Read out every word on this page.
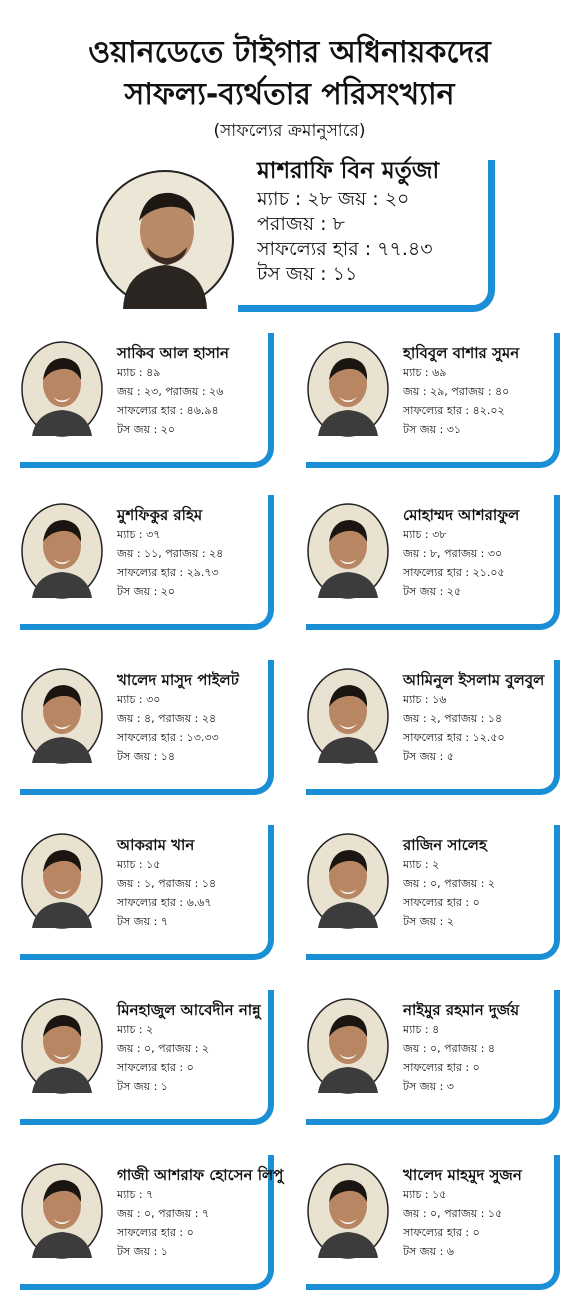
ওয়ানডেতে টাইগার অধিনায়কদের
সাফল্য-ব্যর্থতার পরিসংখ্যান
(সাফল্যের ক্রমানুসারে)
মাশরাফি বিন মর্তুজা
ম্যাচ : ২৮ জয় : ২০
পরাজয় : ৮
সাফল্যের হার : ৭৭.৪৩
টস জয় : ১১
সাকিব আল হাসান
ম্যাচ : ৪৯
জয় : ২৩, পরাজয় : ২৬
সাফল্যের হার : ৪৬.৯৪
টস জয় : ২০
হাবিবুল বাশার সুমন
ম্যাচ : ৬৯
জয় : ২৯, পরাজয় : ৪০
সাফল্যের হার : ৪২.০২
টস জয় : ৩১
মুশফিকুর রহিম
ম্যাচ : ৩৭
জয় : ১১, পরাজয় : ২৪
সাফল্যের হার : ২৯.৭৩
টস জয় : ২০
মোহাম্মদ আশরাফুল
ম্যাচ : ৩৮
জয় : ৮, পরাজয় : ৩০
সাফল্যের হার : ২১.০৫
টস জয় : ২৫
খালেদ মাসুদ পাইলট
ম্যাচ : ৩০
জয় : ৪, পরাজয় : ২৪
সাফল্যের হার : ১৩.৩৩
টস জয় : ১৪
আমিনুল ইসলাম বুলবুল
ম্যাচ : ১৬
জয় : ২, পরাজয় : ১৪
সাফল্যের হার : ১২.৫০
টস জয় : ৫
আকরাম খান
ম্যাচ : ১৫
জয় : ১, পরাজয় : ১৪
সাফল্যের হার : ৬.৬৭
টস জয় : ৭
রাজিন সালেহ
ম্যাচ : ২
জয় : ০, পরাজয় : ২
সাফল্যের হার : ০
টস জয় : ২
মিনহাজুল আবেদীন নান্নু
ম্যাচ : ২
জয় : ০, পরাজয় : ২
সাফল্যের হার : ০
টস জয় : ১
নাইমুর রহমান দুর্জয়
ম্যাচ : ৪
জয় : ০, পরাজয় : ৪
সাফল্যের হার : ০
টস জয় : ৩
গাজী আশরাফ হোসেন লিপু
ম্যাচ : ৭
জয় : ০, পরাজয় : ৭
সাফল্যের হার : ০
টস জয় : ১
খালেদ মাহমুদ সুজন
ম্যাচ : ১৫
জয় : ০, পরাজয় : ১৫
সাফল্যের হার : ০
টস জয় : ৬
